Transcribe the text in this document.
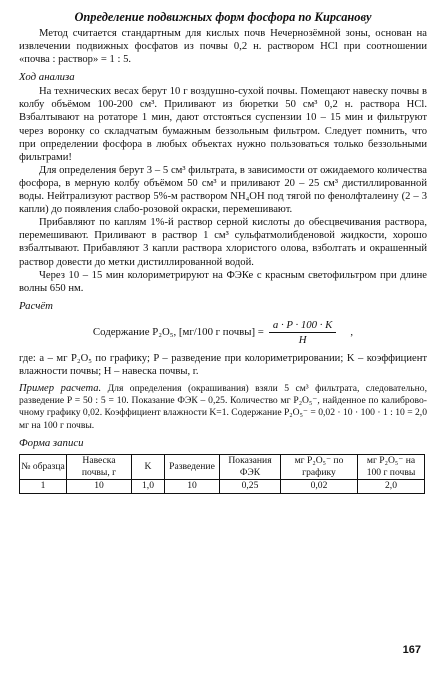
Определение подвижных форм фосфора по Кирсанову

Метод считается стандартным для кислых почв Нечернозёмной зоны, основан на извлечении подвижных фосфатов из почвы 0,2 н. раствором HCl при соотношении «почва : раствор» = 1 : 5.

Ход анализа

На технических весах берут 10 г воздушно-сухой почвы. Помещают навеску почвы в колбу объёмом 100-200 см³. Приливают из бюретки 50 см³ 0,2 н. раствора HCl. Взбалтывают на ротаторе 1 мин, дают отстояться суспензии 10 – 15 мин и фильтруют через воронку со складчатым бумажным беззольным фильтром. Следует помнить, что при определении фосфора в любых объектах нужно пользоваться только беззольными фильтрами!

Для определения берут 3 – 5 см³ фильтрата, в зависимости от ожидаемого количества фосфора, в мерную колбу объёмом 50 см³ и приливают 20 – 25 см³ дистиллированной воды. Нейтрализуют раствор 5%-м раствором NH₄OH под тягой по фенолфталеину (2 – 3 капли) до появления слабо-розовой окраски, перемешивают.

Прибавляют по каплям 1%-й раствор серной кислоты до обесцвечивания раствора, перемешивают. Приливают в раствор 1 см³ сульфатмолибденовой жидкости, хорошо взбалтывают. Прибавляют 3 капли раствора хлористого олова, взболтать и окрашенный раствор довести до метки дистиллированной водой.

Через 10 – 15 мин колориметрируют на ФЭКе с красным светофильтром при длине волны 650 нм.

Расчёт
Содержание P₂O₅, [мг/100 г почвы] = $\frac{a \cdot P \cdot 100 \cdot K}{H}$ ,

где: a – мг P₂O₅ по графику; P – разведение при колориметрировании; K – коэффициент влажности почвы; H – навеска почвы, г.

Пример расчета. Для определения (окрашивания) взяли 5 см³ фильтрата, следовательно, разведение P = 50 : 5 = 10. Показание ФЭК – 0,25. Количество мг P₂O₅⁻, найденное по калибровочному графику 0,02. Коэффициент влажности K=1. Содержание P₂O₅⁻ = 0,02 · 10 · 100 · 1 : 10 = 2,0 мг на 100 г почвы.

Форма записи
№ образца	Навеска почвы, г	K	Разведение	Показания ФЭК	мг P₂O₅⁻ по графику	мг P₂O₅⁻ на 100 г почвы
1	10	1,0	10	0,25	0,02	2,0
167
